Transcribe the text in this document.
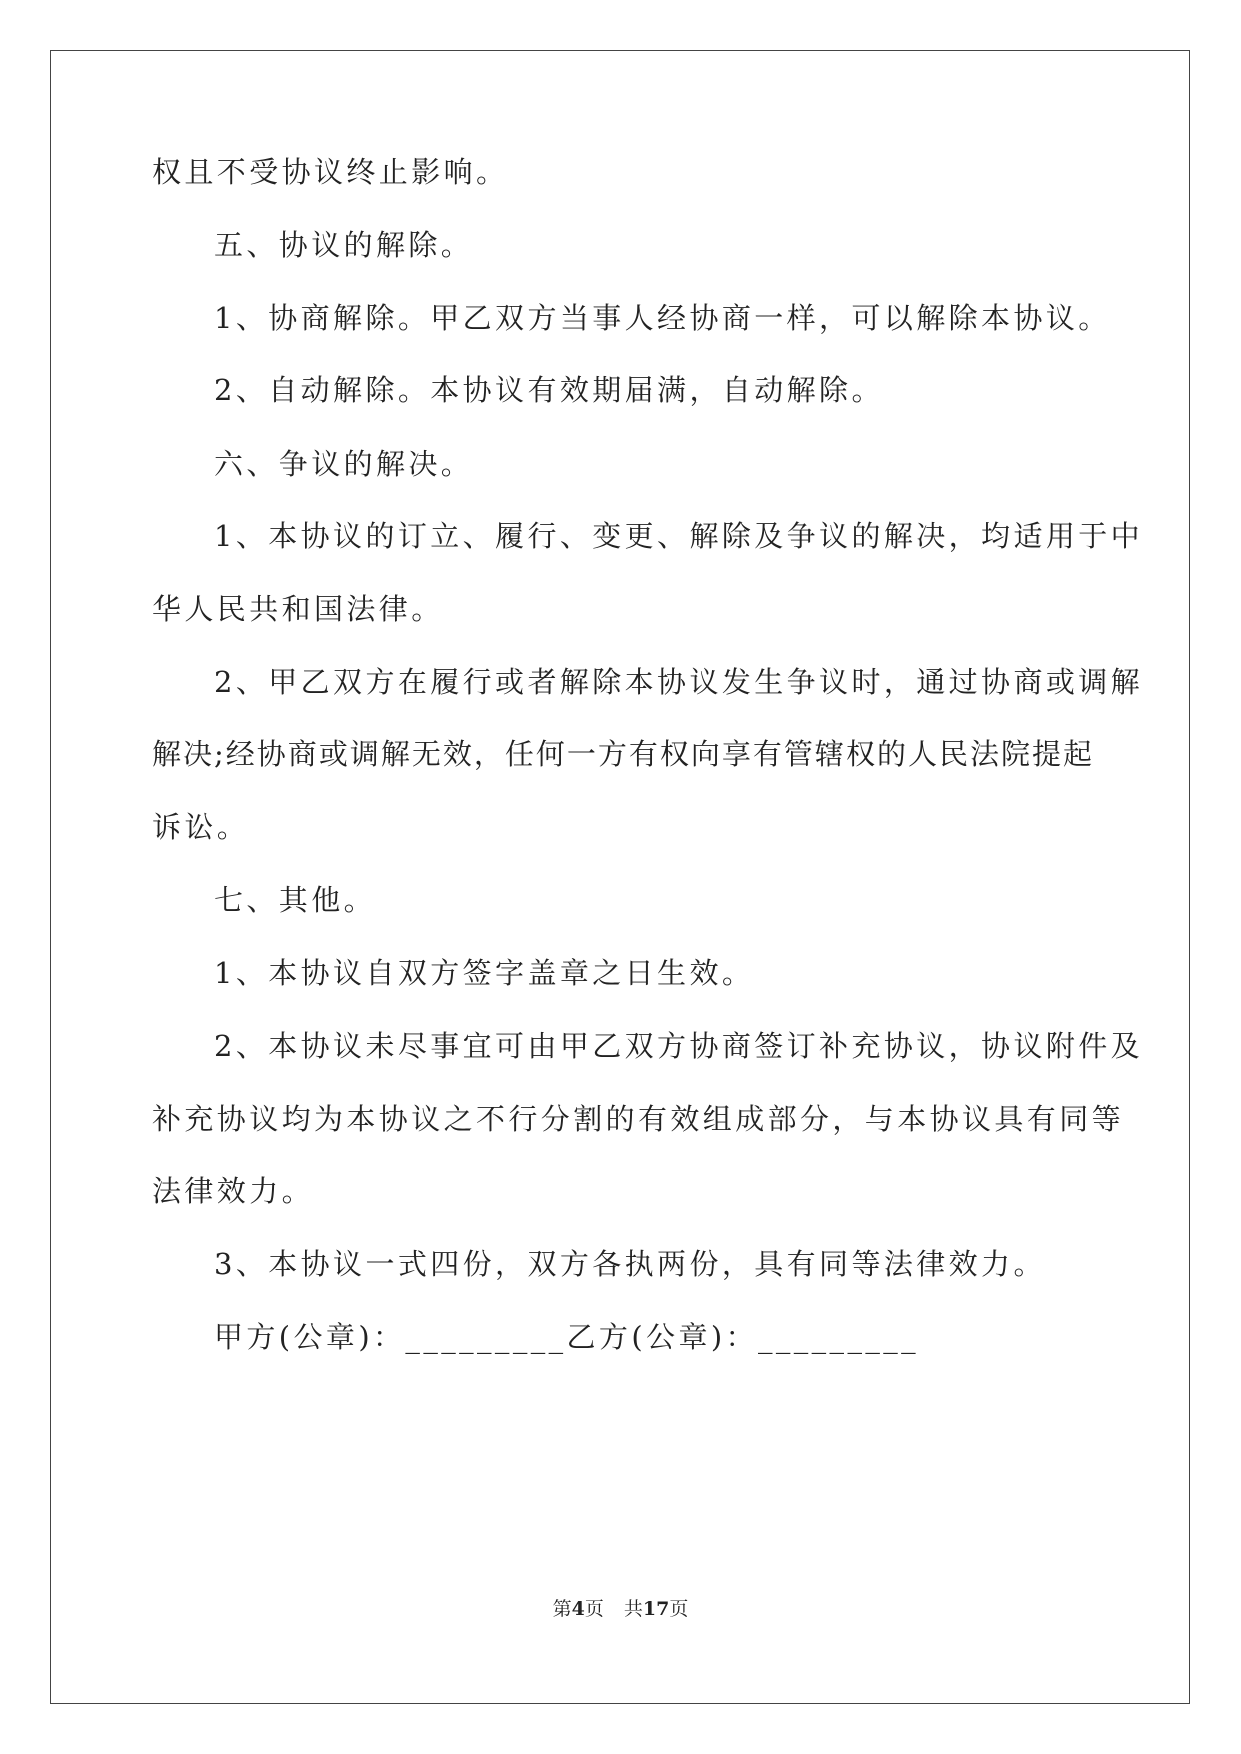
权且不受协议终止影响。
五、协议的解除。
1、协商解除。甲乙双方当事人经协商一样，可以解除本协议。
2、自动解除。本协议有效期届满，自动解除。
六、争议的解决。
1、本协议的订立、履行、变更、解除及争议的解决，均适用于中
华人民共和国法律。
2、甲乙双方在履行或者解除本协议发生争议时，通过协商或调解
解决;经协商或调解无效，任何一方有权向享有管辖权的人民法院提起
诉讼。
七、其他。
1、本协议自双方签字盖章之日生效。
2、本协议未尽事宜可由甲乙双方协商签订补充协议，协议附件及
补充协议均为本协议之不行分割的有效组成部分，与本协议具有同等
法律效力。
3、本协议一式四份，双方各执两份，具有同等法律效力。
甲方(公章)：_________乙方(公章)：_________
第4页 共17页
